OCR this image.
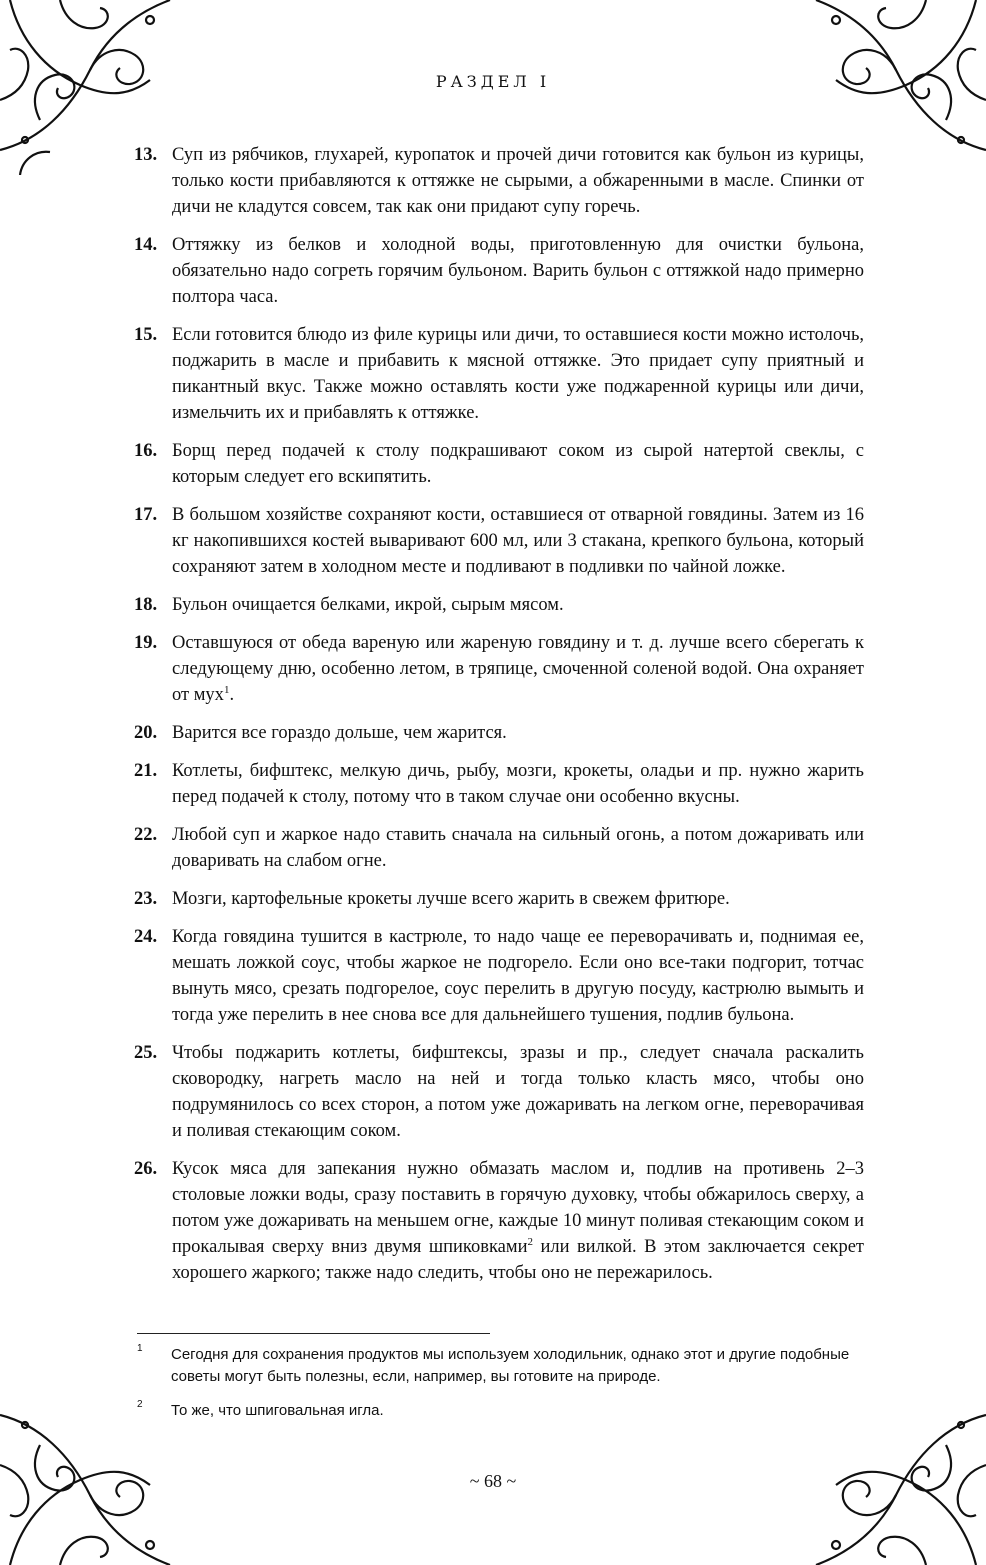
РАЗДЕЛ I
13. Суп из рябчиков, глухарей, куропаток и прочей дичи готовится как бульон из курицы, только кости прибавляются к оттяжке не сырыми, а обжаренными в масле. Спинки от дичи не кладутся совсем, так как они придают супу горечь.
14. Оттяжку из белков и холодной воды, приготовленную для очистки бульона, обязательно надо согреть горячим бульоном. Варить бульон с оттяжкой надо примерно полтора часа.
15. Если готовится блюдо из филе курицы или дичи, то оставшиеся кости можно истолочь, поджарить в масле и прибавить к мясной оттяжке. Это придает супу приятный и пикантный вкус. Также можно оставлять кости уже поджаренной курицы или дичи, измельчить их и прибавлять к оттяжке.
16. Борщ перед подачей к столу подкрашивают соком из сырой натертой свеклы, с которым следует его вскипятить.
17. В большом хозяйстве сохраняют кости, оставшиеся от отварной говядины. Затем из 16 кг накопившихся костей вываривают 600 мл, или 3 стакана, крепкого бульона, который сохраняют затем в холодном месте и подливают в подливки по чайной ложке.
18. Бульон очищается белками, икрой, сырым мясом.
19. Оставшуюся от обеда вареную или жареную говядину и т. д. лучше всего сберегать к следующему дню, особенно летом, в тряпице, смоченной соленой водой. Она охраняет от мух$^1$.
20. Варится все гораздо дольше, чем жарится.
21. Котлеты, бифштекс, мелкую дичь, рыбу, мозги, крокеты, оладьи и пр. нужно жарить перед подачей к столу, потому что в таком случае они особенно вкусны.
22. Любой суп и жаркое надо ставить сначала на сильный огонь, а потом дожаривать или доваривать на слабом огне.
23. Мозги, картофельные крокеты лучше всего жарить в свежем фритюре.
24. Когда говядина тушится в кастрюле, то надо чаще ее переворачивать и, поднимая ее, мешать ложкой соус, чтобы жаркое не подгорело. Если оно все-таки подгорит, тотчас вынуть мясо, срезать подгорелое, соус перелить в другую посуду, кастрюлю вымыть и тогда уже перелить в нее снова все для дальнейшего тушения, подлив бульона.
25. Чтобы поджарить котлеты, бифштексы, зразы и пр., следует сначала раскалить сковородку, нагреть масло на ней и тогда только класть мясо, чтобы оно подрумянилось со всех сторон, а потом уже дожаривать на легком огне, переворачивая и поливая стекающим соком.
26. Кусок мяса для запекания нужно обмазать маслом и, подлив на противень 2–3 столовые ложки воды, сразу поставить в горячую духовку, чтобы обжарилось сверху, а потом уже дожаривать на меньшем огне, каждые 10 минут поливая стекающим соком и прокалывая сверху вниз двумя шпиковками$^2$ или вилкой. В этом заключается секрет хорошего жаркого; также надо следить, чтобы оно не пережарилось.
1 Сегодня для сохранения продуктов мы используем холодильник, однако этот и другие подобные советы могут быть полезны, если, например, вы готовите на природе.
2 То же, что шпиговальная игла.
~ 68 ~
